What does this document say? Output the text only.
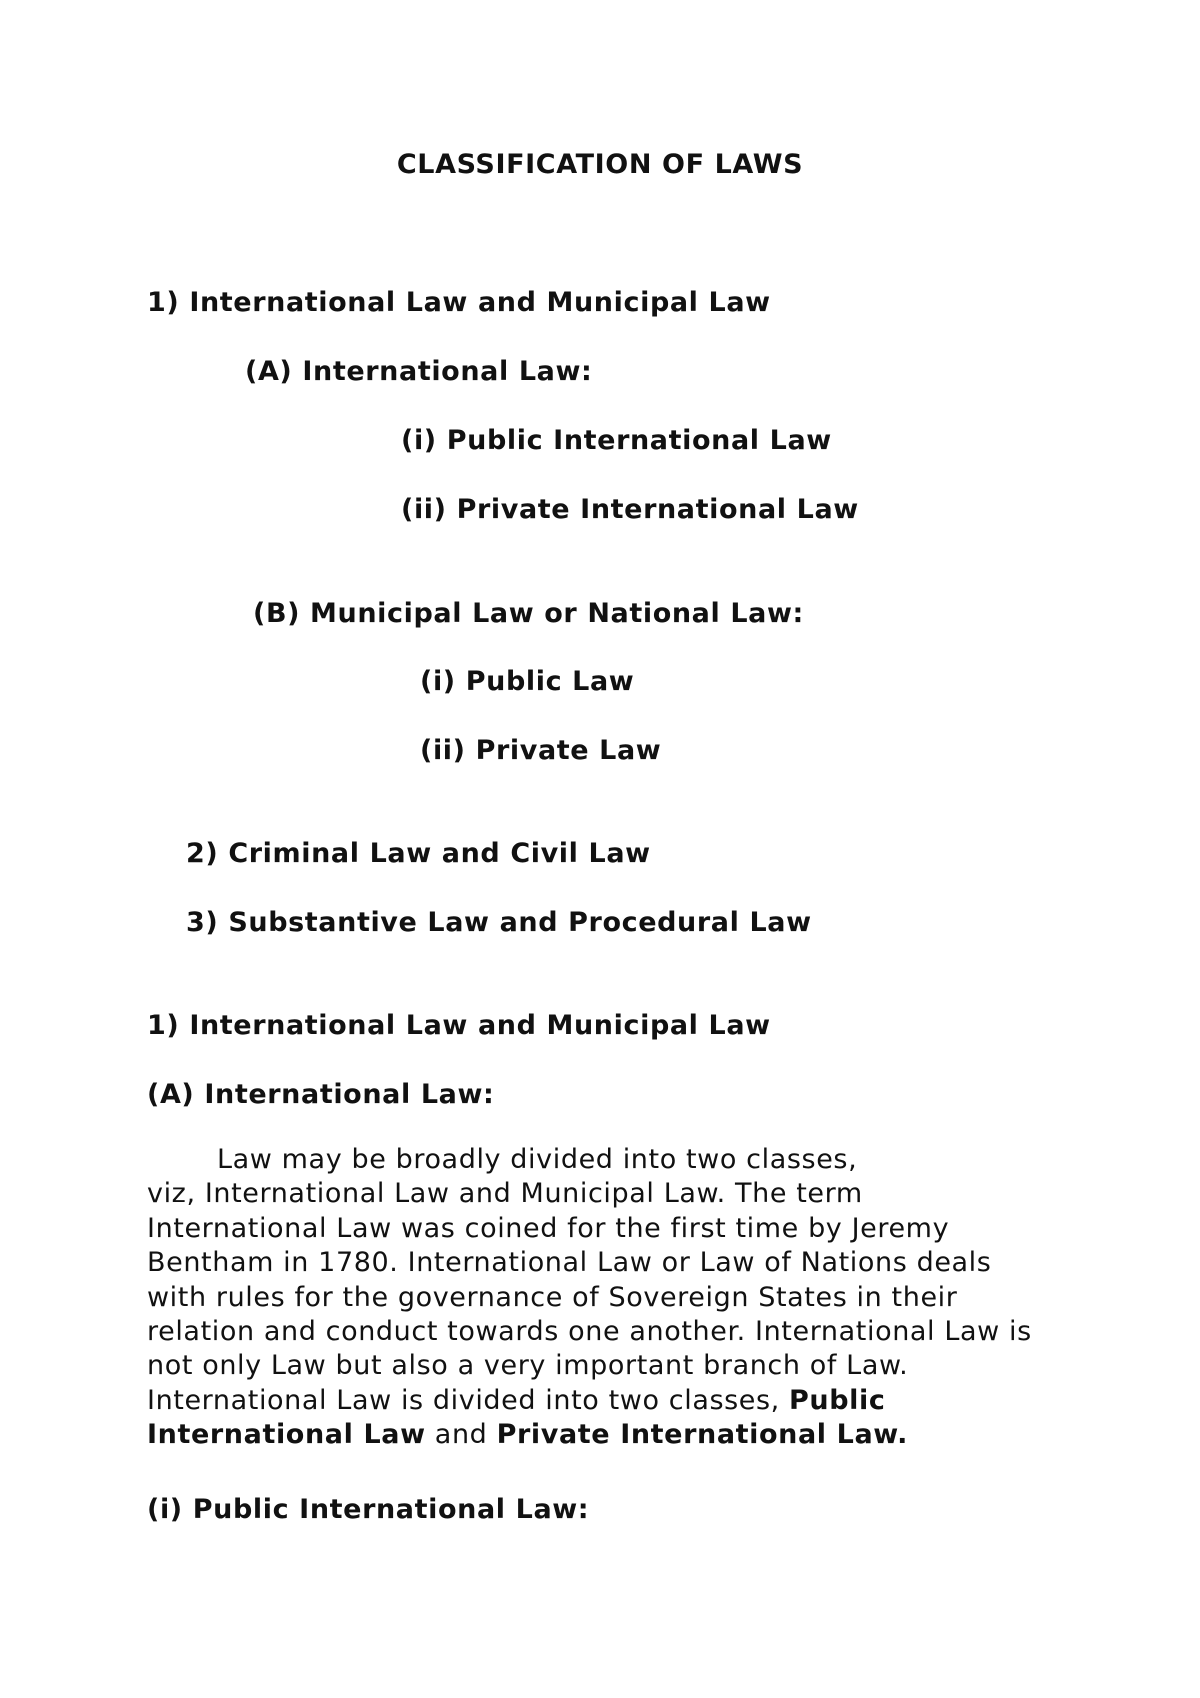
CLASSIFICATION OF LAWS
1) International Law and Municipal Law
(A) International Law:
(i) Public International Law
(ii) Private International Law
(B) Municipal Law or National Law:
(i) Public Law
(ii) Private Law
2) Criminal Law and Civil Law
3) Substantive Law and Procedural Law
1) International Law and Municipal Law
(A) International Law:
Law may be broadly divided into two classes,
viz, International Law and Municipal Law. The term
International Law was coined for the first time by Jeremy
Bentham in 1780. International Law or Law of Nations deals
with rules for the governance of Sovereign States in their
relation and conduct towards one another. International Law is
not only Law but also a very important branch of Law.
International Law is divided into two classes, Public
International Law and Private International Law.
(i) Public International Law:
